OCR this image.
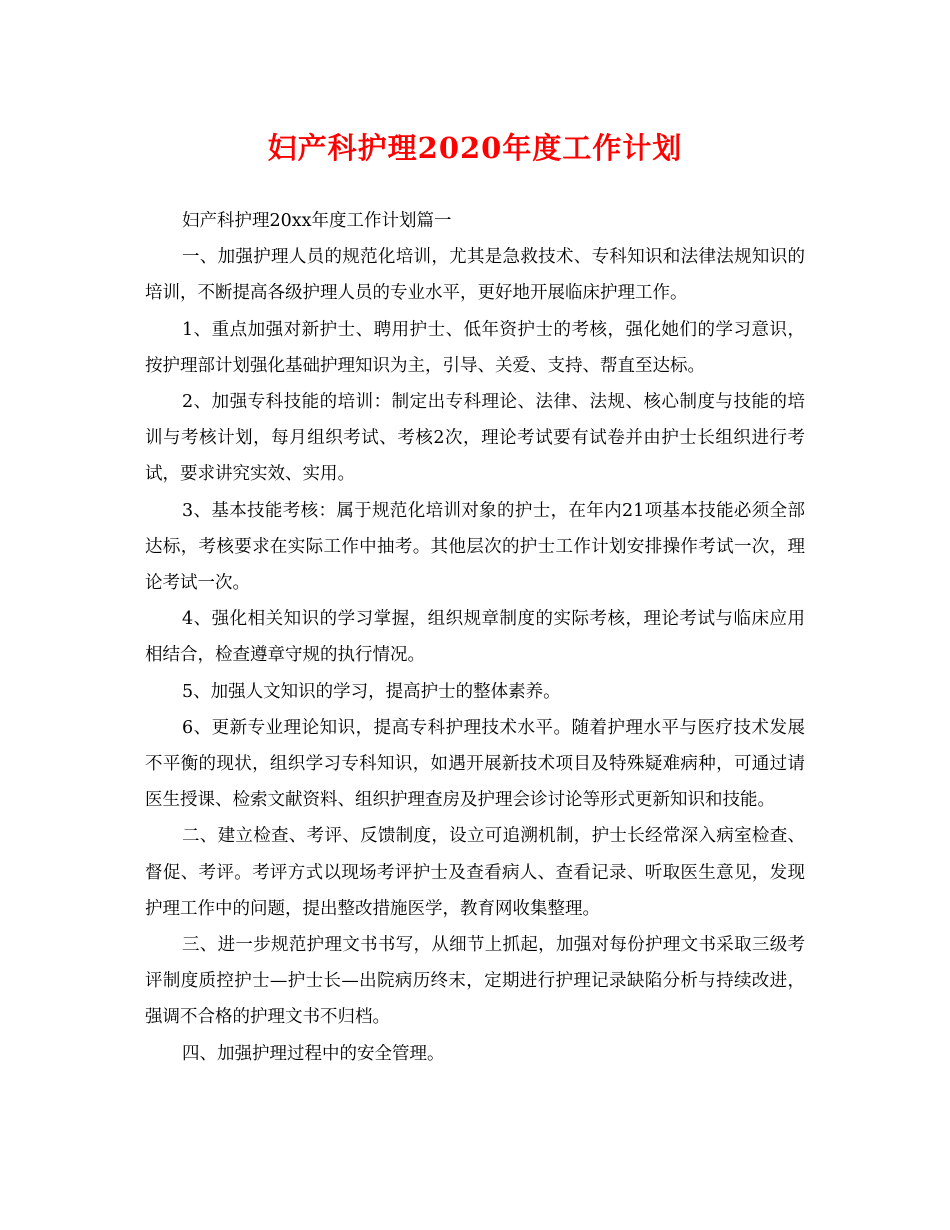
妇产科护理2020年度工作计划

妇产科护理20xx年度工作计划篇一

一、加强护理人员的规范化培训，尤其是急救技术、专科知识和法律法规知识的培训，不断提高各级护理人员的专业水平，更好地开展临床护理工作。

1、重点加强对新护士、聘用护士、低年资护士的考核，强化她们的学习意识，按护理部计划强化基础护理知识为主，引导、关爱、支持、帮直至达标。

2、加强专科技能的培训：制定出专科理论、法律、法规、核心制度与技能的培训与考核计划，每月组织考试、考核2次，理论考试要有试卷并由护士长组织进行考试，要求讲究实效、实用。

3、基本技能考核：属于规范化培训对象的护士，在年内21项基本技能必须全部达标，考核要求在实际工作中抽考。其他层次的护士工作计划安排操作考试一次，理论考试一次。

4、强化相关知识的学习掌握，组织规章制度的实际考核，理论考试与临床应用相结合，检查遵章守规的执行情况。

5、加强人文知识的学习，提高护士的整体素养。

6、更新专业理论知识，提高专科护理技术水平。随着护理水平与医疗技术发展不平衡的现状，组织学习专科知识，如遇开展新技术项目及特殊疑难病种，可通过请医生授课、检索文献资料、组织护理查房及护理会诊讨论等形式更新知识和技能。

二、建立检查、考评、反馈制度，设立可追溯机制，护士长经常深入病室检查、督促、考评。考评方式以现场考评护士及查看病人、查看记录、听取医生意见，发现护理工作中的问题，提出整改措施医学，教育网收集整理。

三、进一步规范护理文书书写，从细节上抓起，加强对每份护理文书采取三级考评制度质控护士—护士长—出院病历终末，定期进行护理记录缺陷分析与持续改进，强调不合格的护理文书不归档。

四、加强护理过程中的安全管理。
